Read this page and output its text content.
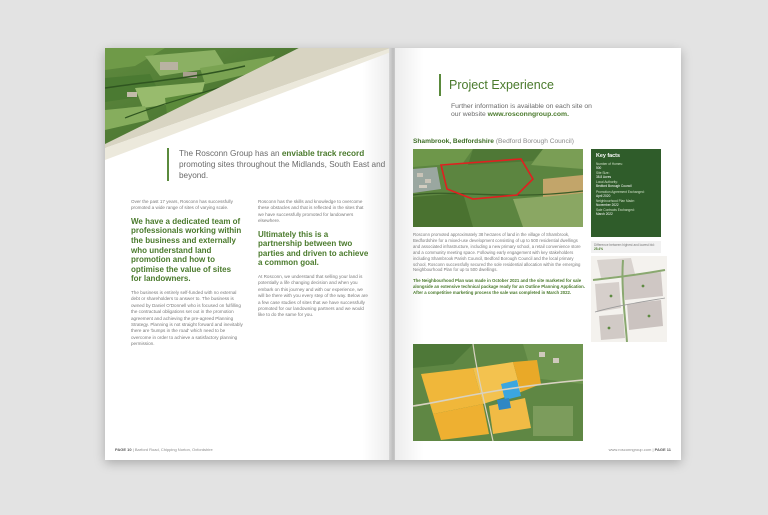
The Rosconn Group has an enviable track record promoting sites throughout the Midlands, South East and beyond.

Over the past 17 years, Rosconn has successfully promoted a wide range of sites of varying scale.

We have a dedicated team of professionals working within the business and externally who understand land promotion and how to optimise the value of sites for landowners.

The business is entirely self-funded with no external debt or shareholders to answer to. The business is owned by Daniel O'Donnell who is focused on fulfilling the contractual obligations set out in the promotion agreement and achieving the pre-agreed Planning Strategy. Planning is not straight forward and inevitably there are 'bumps in the road' which need to be overcome in order to achieve a satisfactory planning permission.

Rosconn has the skills and knowledge to overcome these obstacles and that is reflected in the sites that we have successfully promoted for landowners elsewhere.

Ultimately this is a partnership between two parties and driven to achieve a common goal.

At Rosconn, we understand that selling your land is potentially a life changing decision and when you embark on this journey and with our experience, we will be there with you every step of the way. Below are a few case studies of sites that we have successfully promoted for our landowning partners and we would like to do the same for you.

PAGE 10 | Barford Road, Chipping Norton, Oxfordshire
Project Experience
Further information is available on each site on our website www.rosconngroup.com.
Shambrook, Bedfordshire (Bedford Borough Council)
Key facts
Number of Homes:
500
Site Size:
38.8 Acres
Local Authority:
Bedford Borough Council
Promotion Agreement Exchanged:
April 2020
Neighbourhood Plan Made:
November 2022
Sale Contracts Exchanged:
March 2022
Difference between highest and lowest bid: 25.4%

Rosconn promoted approximately 38 hectares of land in the village of Shambrook, Bedfordshire for a mixed-use development consisting of up to 500 residential dwellings and associated infrastructure, including a new primary school, a retail convenience store and a community meeting space. Following early engagement with key stakeholders including Shambrook Parish Council, Bedford Borough Council and the local primary school, Rosconn successfully secured the sole residential allocation within the emerging Neighbourhood Plan for up to 500 dwellings.

The Neighbourhood Plan was made in October 2021 and the site marketed for sale alongside an extensive technical package ready for an Outline Planning Application. After a competitive marketing process the sale was completed in March 2022.

www.rosconngroup.com | PAGE 11
